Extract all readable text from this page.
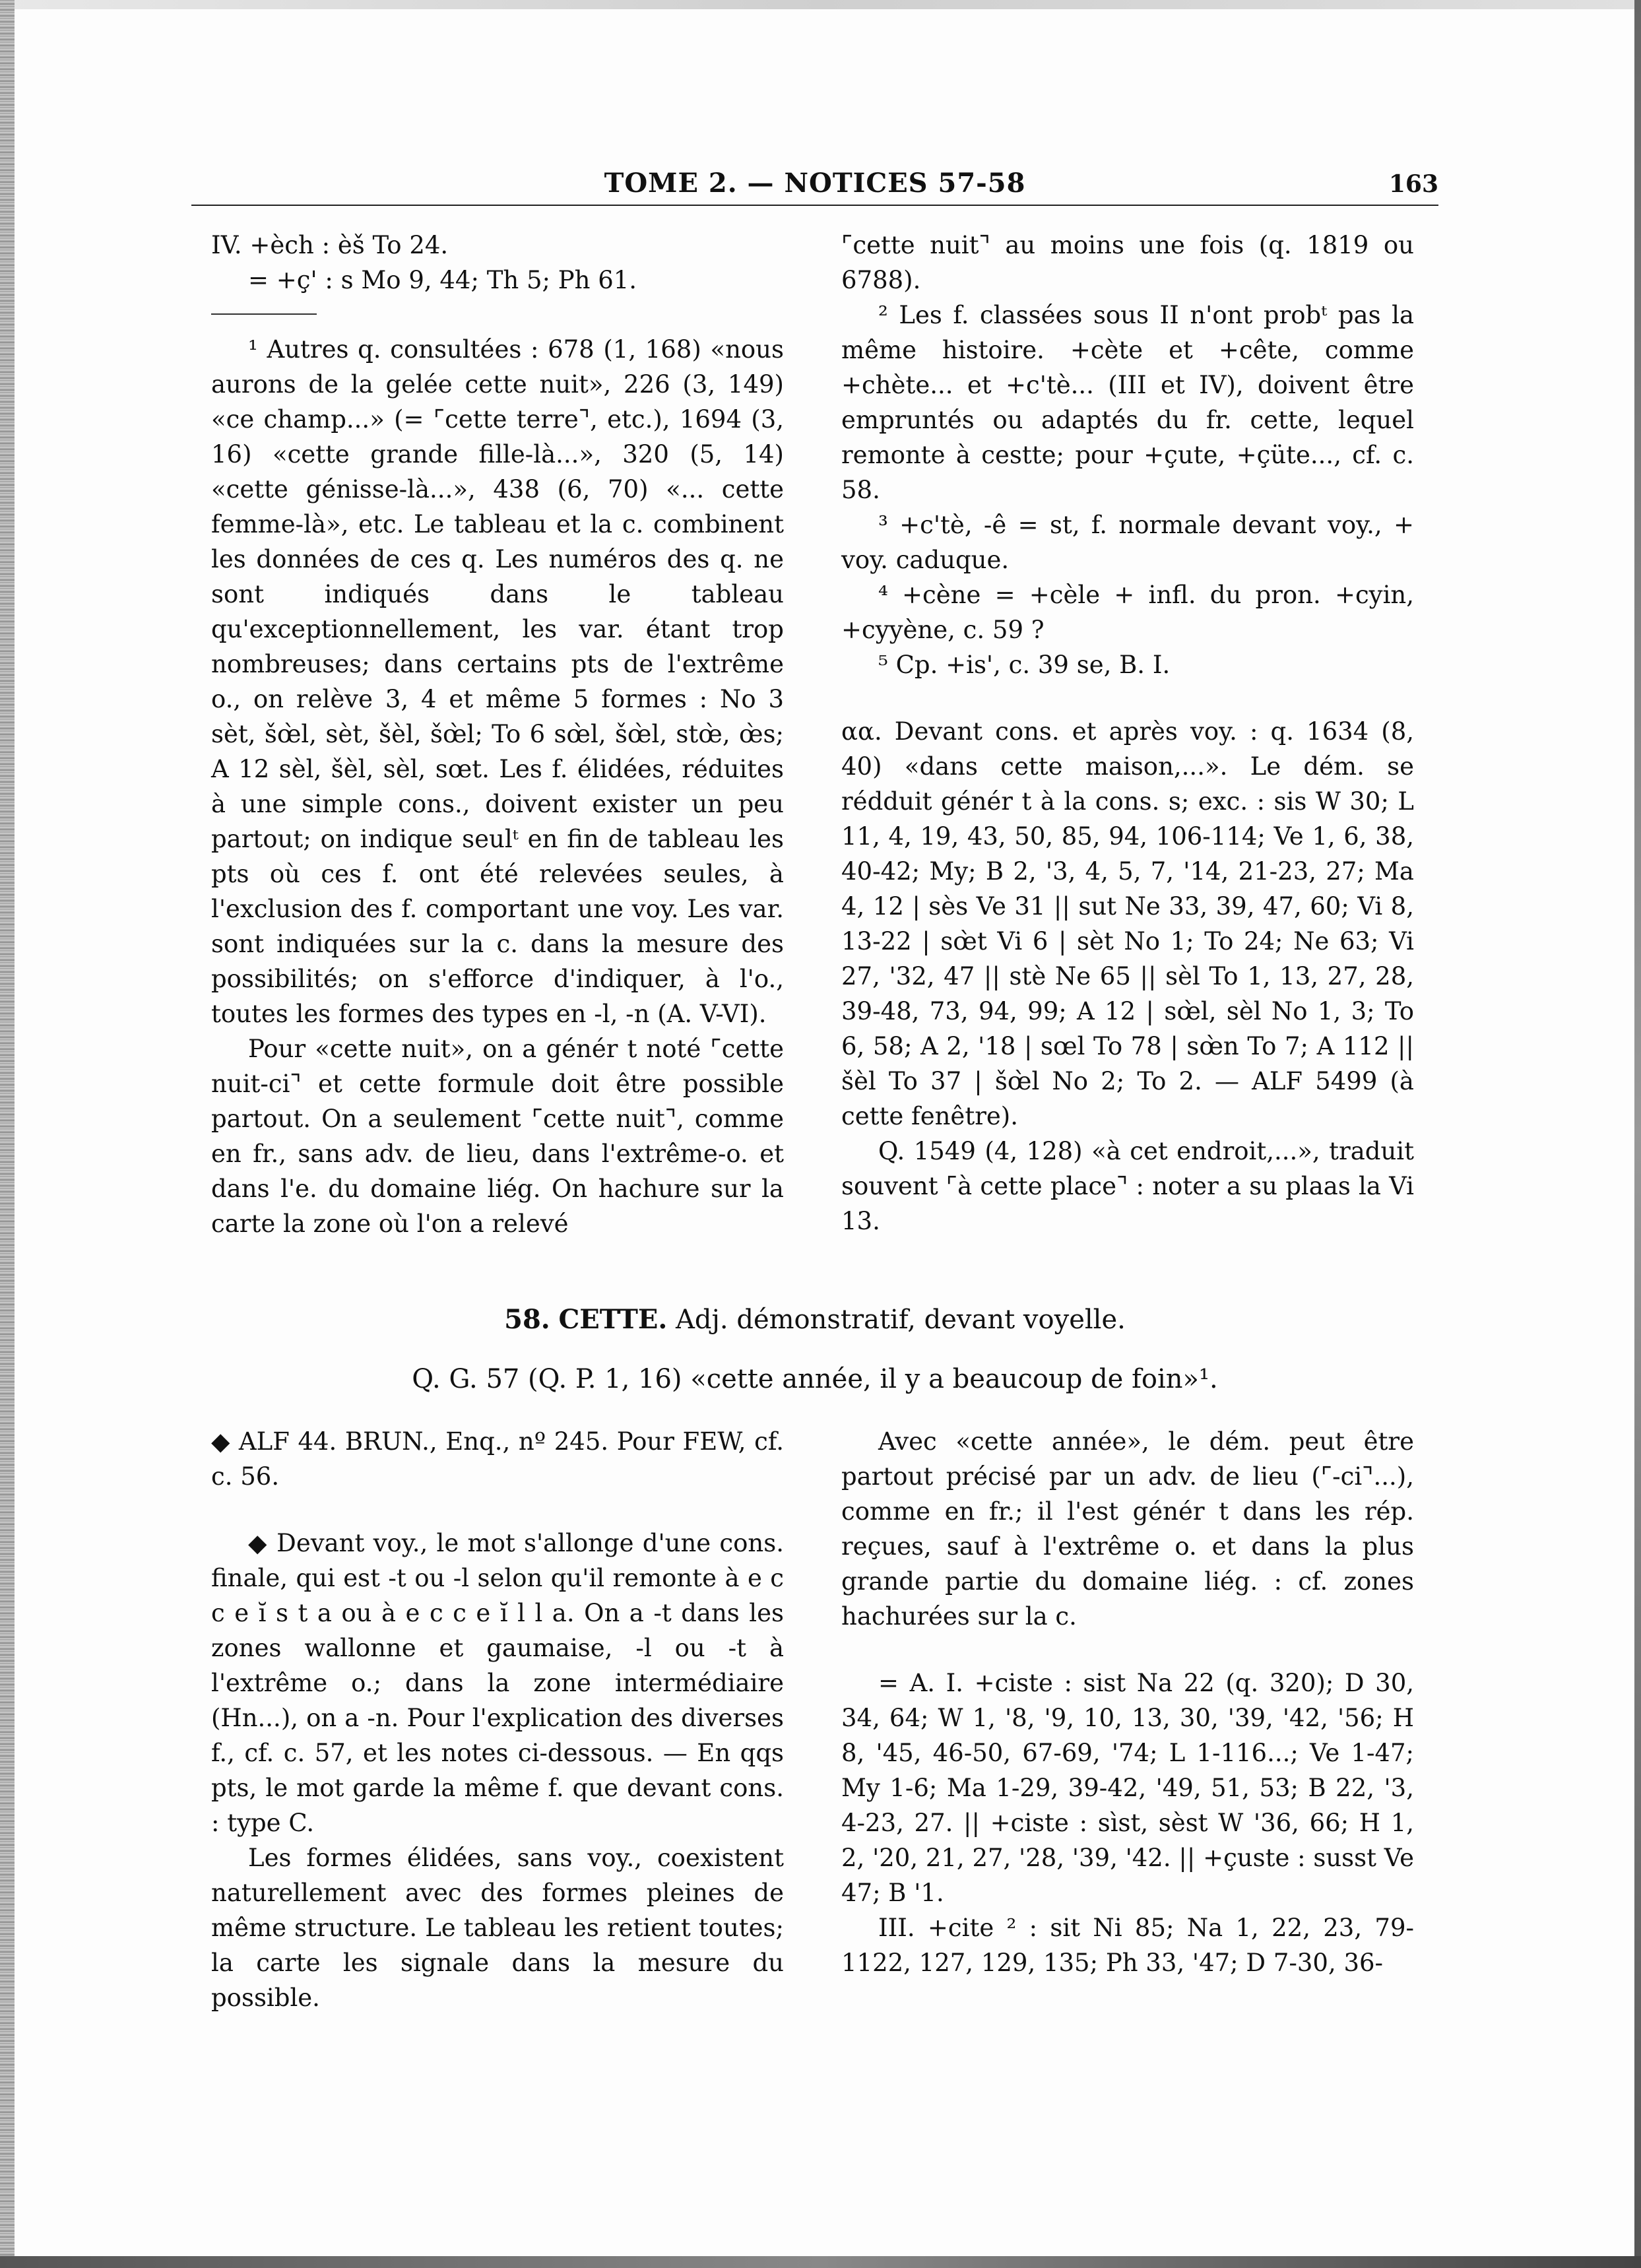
TOME 2. — NOTICES 57-58	163

IV. +èch : èš To 24.

= +ç' : s Mo 9, 44; Th 5; Ph 61.

¹ Autres q. consultées : 678 (1, 168) «nous aurons de la gelée cette nuit», 226 (3, 149) «ce champ...» (= ⌜cette terre⌝, etc.), 1694 (3, 16) «cette grande fille-là...», 320 (5, 14) «cette génisse-là...», 438 (6, 70) «... cette femme-là», etc. Le tableau et la c. combinent les données de ces q. Les numéros des q. ne sont indiqués dans le tableau qu'exceptionnellement, les var. étant trop nombreuses; dans certains pts de l'extrême o., on relève 3, 4 et même 5 formes : No 3 sèt, šœ̀l, sèt, šèl, šœ̀l; To 6 sœ̀l, šœ̀l, stœ̀, œ̀s; A 12 sèl, šèl, sèl, sœt. Les f. élidées, réduites à une simple cons., doivent exister un peu partout; on indique seulᵗ en fin de tableau les pts où ces f. ont été relevées seules, à l'exclusion des f. comportant une voy. Les var. sont indiquées sur la c. dans la mesure des possibilités; on s'efforce d'indiquer, à l'o., toutes les formes des types en -l, -n (A. V-VI).

Pour «cette nuit», on a génér t noté ⌜cette nuit-ci⌝ et cette formule doit être possible partout. On a seulement ⌜cette nuit⌝, comme en fr., sans adv. de lieu, dans l'extrême-o. et dans l'e. du domaine liég. On hachure sur la carte la zone où l'on a relevé

⌜cette nuit⌝ au moins une fois (q. 1819 ou 6788).

² Les f. classées sous II n'ont probᵗ pas la même histoire. +cète et +cête, comme +chète... et +c'tè... (III et IV), doivent être empruntés ou adaptés du fr. cette, lequel remonte à cestte; pour +çute, +çüte..., cf. c. 58.

³ +c'tè, -ê = st, f. normale devant voy., + voy. caduque.

⁴ +cène = +cèle + infl. du pron. +cyin, +cyyène, c. 59 ?

⁵ Cp. +is', c. 39 se, B. I.

αα. Devant cons. et après voy. : q. 1634 (8, 40) «dans cette maison,...». Le dém. se rédduit génér t à la cons. s; exc. : sis W 30; L 11, 4, 19, 43, 50, 85, 94, 106-114; Ve 1, 6, 38, 40-42; My; B 2, '3, 4, 5, 7, '14, 21-23, 27; Ma 4, 12 | sès Ve 31 || sut Ne 33, 39, 47, 60; Vi 8, 13-22 | sœ̀t Vi 6 | sèt No 1; To 24; Ne 63; Vi 27, '32, 47 || stè Ne 65 || sèl To 1, 13, 27, 28, 39-48, 73, 94, 99; A 12 | sœ̀l, sèl No 1, 3; To 6, 58; A 2, '18 | sœl To 78 | sœ̀n To 7; A 112 || šèl To 37 | šœ̀l No 2; To 2. — ALF 5499 (à cette fenêtre).

Q. 1549 (4, 128) «à cet endroit,...», traduit souvent ⌜à cette place⌝ : noter a su plaas la Vi 13.

58. CETTE. Adj. démonstratif, devant voyelle.
Q. G. 57 (Q. P. 1, 16) «cette année, il y a beaucoup de foin»¹.

◆ ALF 44. BRUN., Enq., nº 245. Pour FEW, cf. c. 56.

◆ Devant voy., le mot s'allonge d'une cons. finale, qui est -t ou -l selon qu'il remonte à e c c e ĭ s t a ou à e c c e ĭ l l a. On a -t dans les zones wallonne et gaumaise, -l ou -t à l'extrême o.; dans la zone intermédiaire (Hn...), on a -n. Pour l'explication des diverses f., cf. c. 57, et les notes ci-dessous. — En qqs pts, le mot garde la même f. que devant cons. : type C.

Les formes élidées, sans voy., coexistent naturellement avec des formes pleines de même structure. Le tableau les retient toutes; la carte les signale dans la mesure du possible.

Avec «cette année», le dém. peut être partout précisé par un adv. de lieu (⌜-ci⌝...), comme en fr.; il l'est génér t dans les rép. reçues, sauf à l'extrême o. et dans la plus grande partie du domaine liég. : cf. zones hachurées sur la c.

= A. I. +ciste : sist Na 22 (q. 320); D 30, 34, 64; W 1, '8, '9, 10, 13, 30, '39, '42, '56; H 8, '45, 46-50, 67-69, '74; L 1-116...; Ve 1-47; My 1-6; Ma 1-29, 39-42, '49, 51, 53; B 22, '3, 4-23, 27. || +ciste : sìst, sèst W '36, 66; H 1, 2, '20, 21, 27, '28, '39, '42. || +çuste : susst Ve 47; B '1.

III. +cite ² : sit Ni 85; Na 1, 22, 23, 79-1122, 127, 129, 135; Ph 33, '47; D 7-30, 36-
